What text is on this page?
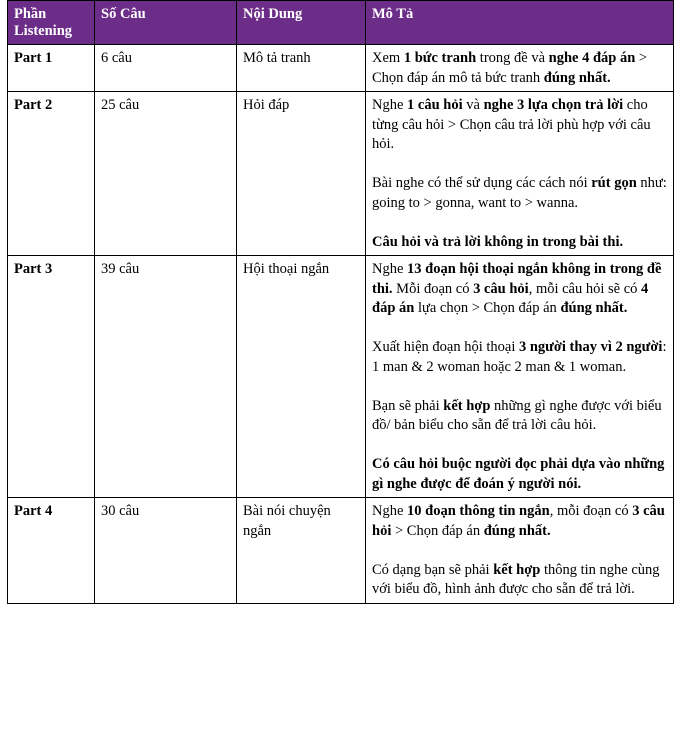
Phần Listening	Số Câu	Nội Dung	Mô Tả
Part 1	6 câu	Mô tả tranh	Xem 1 bức tranh trong đề và nghe 4 đáp án > Chọn đáp án mô tả bức tranh đúng nhất.

Part 2	25 câu	Hỏi đáp	Nghe 1 câu hỏi và nghe 3 lựa chọn trả lời cho từng câu hỏi > Chọn câu trả lời phù hợp với câu hỏi.

Bài nghe có thể sử dụng các cách nói rút gọn như: going to > gonna, want to > wanna.

Câu hỏi và trả lời không in trong bài thi.

Part 3	39 câu	Hội thoại ngắn	Nghe 13 đoạn hội thoại ngắn không in trong đề thi. Mỗi đoạn có 3 câu hỏi, mỗi câu hỏi sẽ có 4 đáp án lựa chọn > Chọn đáp án đúng nhất.

Xuất hiện đoạn hội thoại 3 người thay vì 2 người: 1 man & 2 woman hoặc 2 man & 1 woman.

Bạn sẽ phải kết hợp những gì nghe được với biểu đồ/ bản biểu cho sẵn để trả lời câu hỏi.

Có câu hỏi buộc người đọc phải dựa vào những gì nghe được để đoán ý người nói.

Part 4	30 câu	Bài nói chuyện ngắn	Nghe 10 đoạn thông tin ngắn, mỗi đoạn có 3 câu hỏi > Chọn đáp án đúng nhất.

Có dạng bạn sẽ phải kết hợp thông tin nghe cùng với biểu đồ, hình ảnh được cho sẵn để trả lời.
